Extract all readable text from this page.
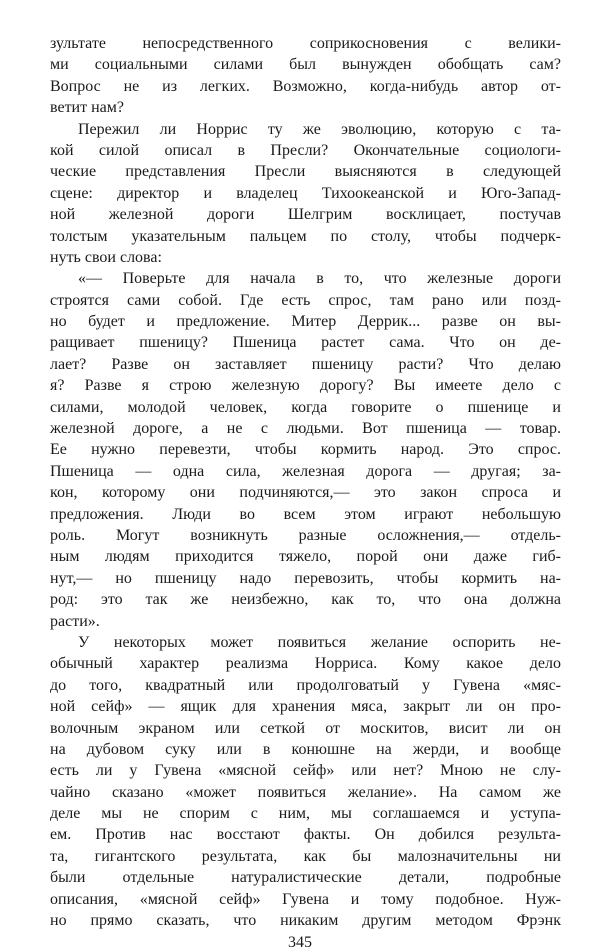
зультате непосредственного соприкосновения с велики-
ми социальными силами был вынужден обобщать сам?
Вопрос не из легких. Возможно, когда-нибудь автор от-
ветит нам?
Пережил ли Норрис ту же эволюцию, которую с та-
кой силой описал в Пресли? Окончательные социологи-
ческие представления Пресли выясняются в следующей
сцене: директор и владелец Тихоокеанской и Юго-Запад-
ной железной дороги Шелгрим восклицает, постучав
толстым указательным пальцем по столу, чтобы подчерк-
нуть свои слова:
«— Поверьте для начала в то, что железные дороги
строятся сами собой. Где есть спрос, там рано или позд-
но будет и предложение. Митер Деррик... разве он вы-
ращивает пшеницу? Пшеница растет сама. Что он де-
лает? Разве он заставляет пшеницу расти? Что делаю
я? Разве я строю железную дорогу? Вы имеете дело с
силами, молодой человек, когда говорите о пшенице и
железной дороге, а не с людьми. Вот пшеница — товар.
Ее нужно перевезти, чтобы кормить народ. Это спрос.
Пшеница — одна сила, железная дорога — другая; за-
кон, которому они подчиняются,— это закон спроса и
предложения. Люди во всем этом играют небольшую
роль. Могут возникнуть разные осложнения,— отдель-
ным людям приходится тяжело, порой они даже гиб-
нут,— но пшеницу надо перевозить, чтобы кормить на-
род: это так же неизбежно, как то, что она должна
расти».
У некоторых может появиться желание оспорить не-
обычный характер реализма Норриса. Кому какое дело
до того, квадратный или продолговатый у Гувена «мяс-
ной сейф» — ящик для хранения мяса, закрыт ли он про-
волочным экраном или сеткой от москитов, висит ли он
на дубовом суку или в конюшне на жерди, и вообще
есть ли у Гувена «мясной сейф» или нет? Мною не слу-
чайно сказано «может появиться желание». На самом же
деле мы не спорим с ним, мы соглашаемся и уступа-
ем. Против нас восстают факты. Он добился результа-
та, гигантского результата, как бы малозначительны ни
были отдельные натуралистические детали, подробные
описания, «мясной сейф» Гувена и тому подобное. Нуж-
но прямо сказать, что никаким другим методом Фрэнк
345
